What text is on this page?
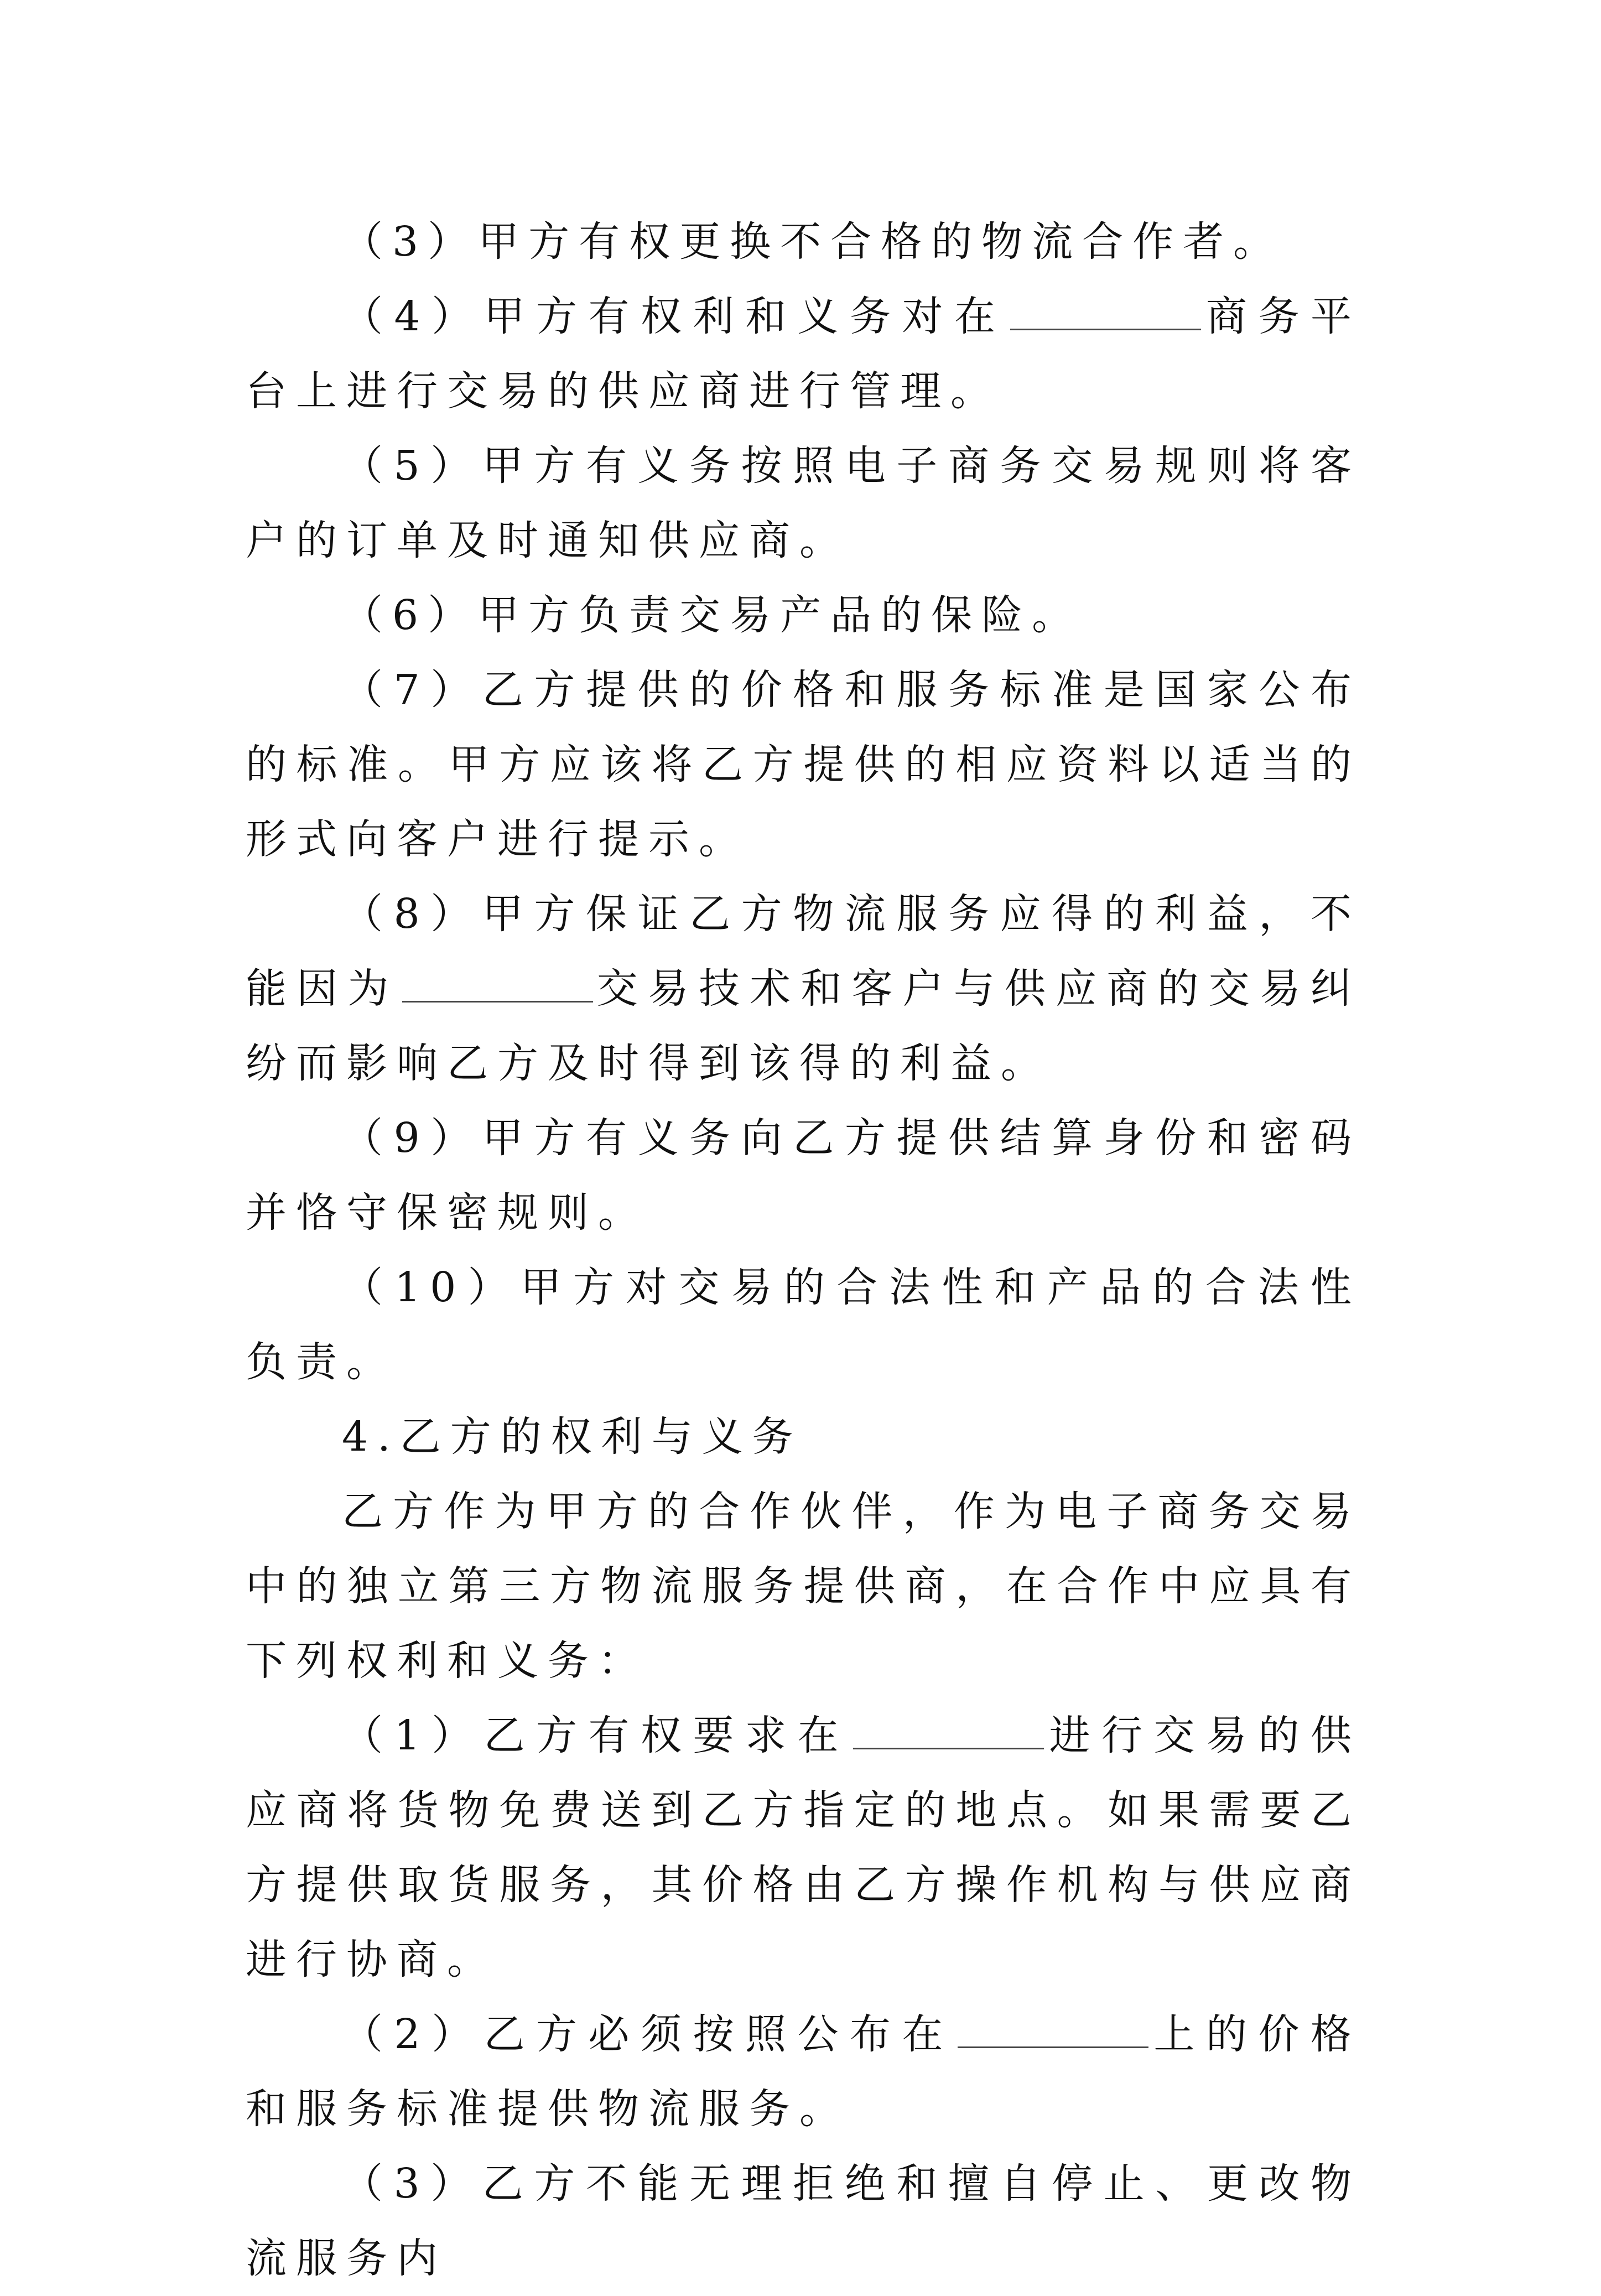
（3）甲方有权更换不合格的物流合作者。

（4）甲方有权利和义务对在	商务平台上进行交易的供应商进行管理。

（5）甲方有义务按照电子商务交易规则将客户的订单及时通知供应商。

（6）甲方负责交易产品的保险。

（7）乙方提供的价格和服务标准是国家公布的标准。甲方应该将乙方提供的相应资料以适当的形式向客户进行提示。

（8）甲方保证乙方物流服务应得的利益，不能因为	交易技术和客户与供应商的交易纠纷而影响乙方及时得到该得的利益。

（9）甲方有义务向乙方提供结算身份和密码并恪守保密规则。

（10）甲方对交易的合法性和产品的合法性负责。

4.乙方的权利与义务

乙方作为甲方的合作伙伴，作为电子商务交易中的独立第三方物流服务提供商，在合作中应具有下列权利和义务：

（1）乙方有权要求在	进行交易的供应商将货物免费送到乙方指定的地点。如果需要乙方提供取货服务，其价格由乙方操作机构与供应商进行协商。

（2）乙方必须按照公布在	上的价格和服务标准提供物流服务。

（3）乙方不能无理拒绝和擅自停止、更改物流服务内
